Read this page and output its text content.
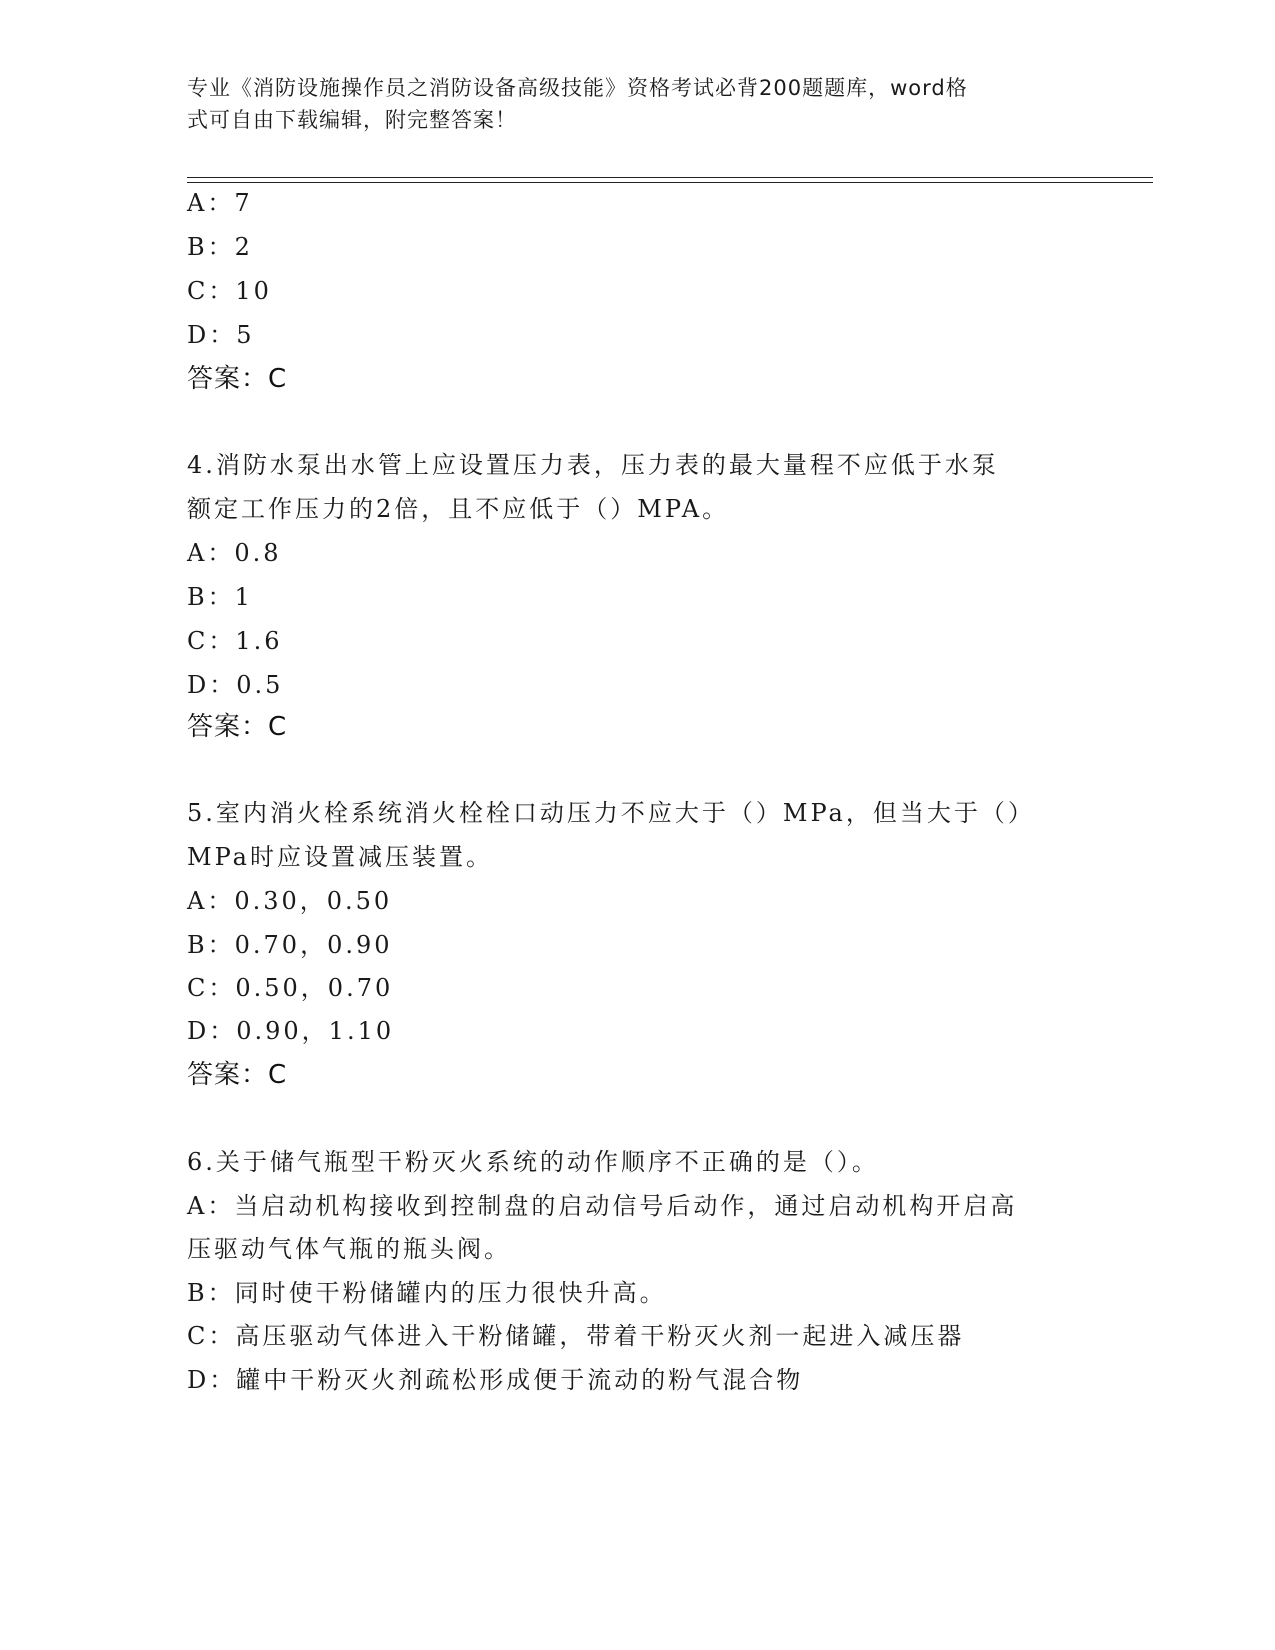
专业《消防设施操作员之消防设备高级技能》资格考试必背200题题库，word格
式可自由下载编辑，附完整答案！
A：7
B：2
C：10
D：5
答案：C
4.消防水泵出水管上应设置压力表，压力表的最大量程不应低于水泵
额定工作压力的2倍，且不应低于（）MPA。
A：0.8
B：1
C：1.6
D：0.5
答案：C
5.室内消火栓系统消火栓栓口动压力不应大于（）MPa，但当大于（）
MPa时应设置减压装置。
A：0.30，0.50
B：0.70，0.90
C：0.50，0.70
D：0.90，1.10
答案：C
6.关于储气瓶型干粉灭火系统的动作顺序不正确的是（）。
A：当启动机构接收到控制盘的启动信号后动作，通过启动机构开启高
压驱动气体气瓶的瓶头阀。
B：同时使干粉储罐内的压力很快升高。
C：高压驱动气体进入干粉储罐，带着干粉灭火剂一起进入减压器
D：罐中干粉灭火剂疏松形成便于流动的粉气混合物
